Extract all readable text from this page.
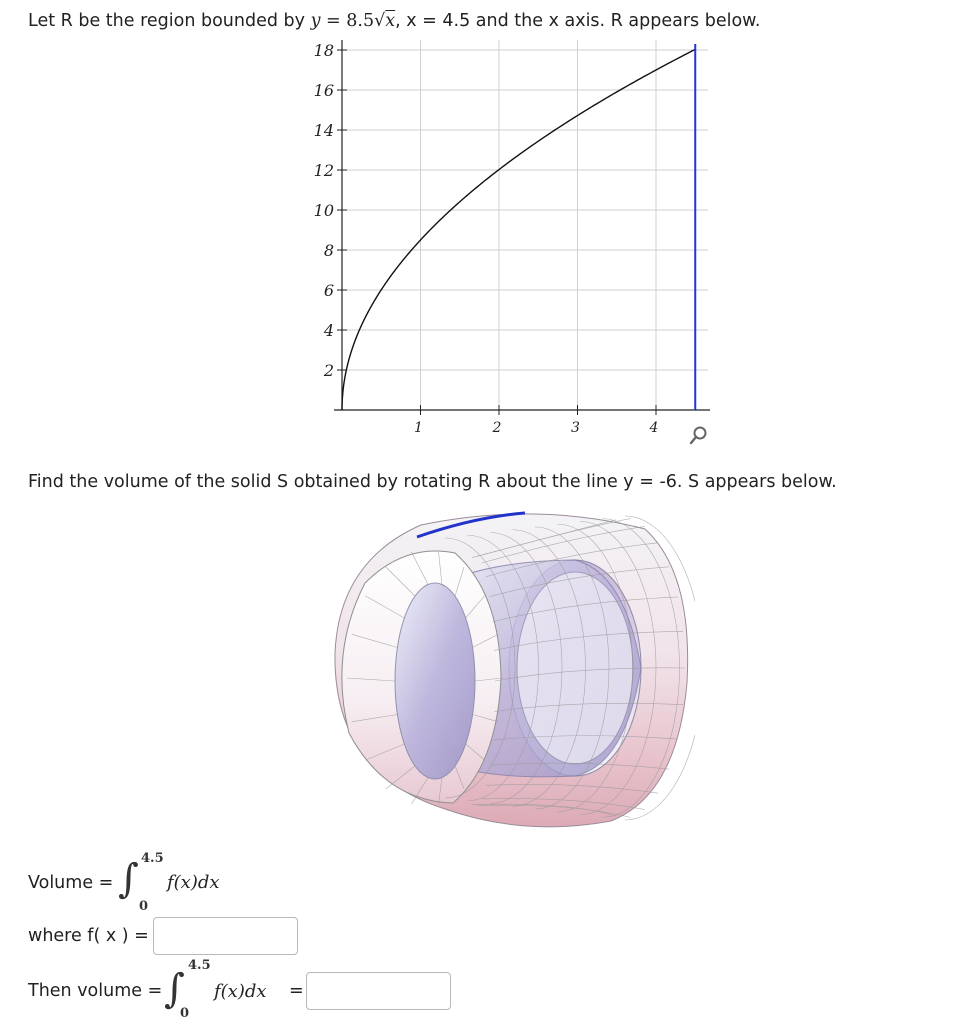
Let R be the region bounded by y = 8.5√x, x = 4.5 and the x axis. R appears below.
18
16
14
12
10
8
6
4
2
1	2	3	4
Find the volume of the solid S obtained by rotating R about the line y = -6. S appears below.
Volume = ∫ 4.5
0
f(x)dx
where f( x ) =
Then volume = ∫
4.5
0
f(x)dx =
